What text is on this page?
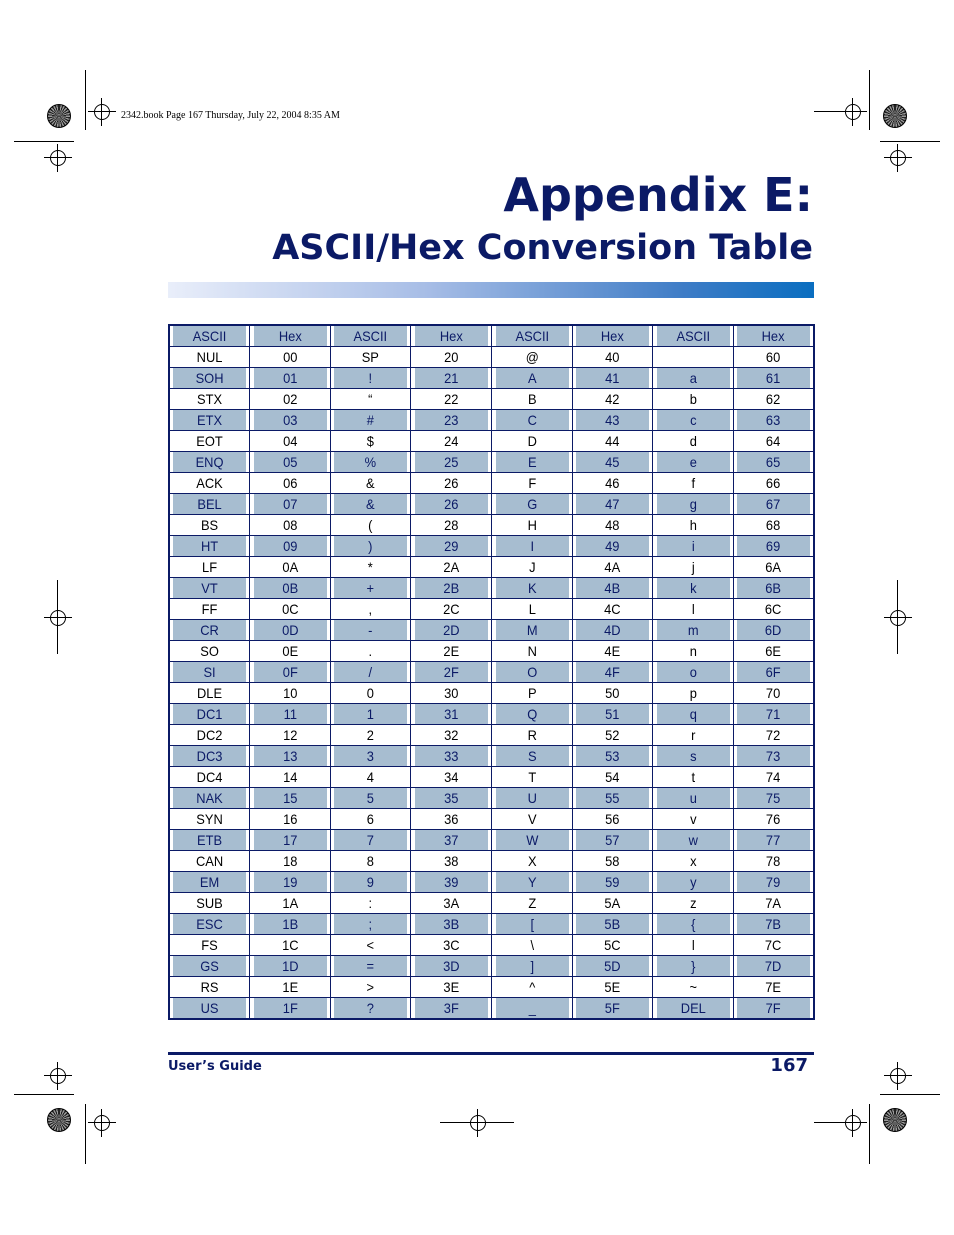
2342.book Page 167 Thursday, July 22, 2004 8:35 AM
Appendix E:
ASCII/Hex Conversion Table
ASCII	Hex	ASCII	Hex	ASCII	Hex	ASCII	Hex
NUL	00	SP	20	@	40		60
SOH	01	!	21	A	41	a	61
STX	02	“	22	B	42	b	62
ETX	03	#	23	C	43	c	63
EOT	04	$	24	D	44	d	64
ENQ	05	%	25	E	45	e	65
ACK	06	&	26	F	46	f	66
BEL	07	&	26	G	47	g	67
BS	08	(	28	H	48	h	68
HT	09	)	29	I	49	i	69
LF	0A	*	2A	J	4A	j	6A
VT	0B	+	2B	K	4B	k	6B
FF	0C	,	2C	L	4C	l	6C
CR	0D	-	2D	M	4D	m	6D
SO	0E	.	2E	N	4E	n	6E
SI	0F	/	2F	O	4F	o	6F
DLE	10	0	30	P	50	p	70
DC1	11	1	31	Q	51	q	71
DC2	12	2	32	R	52	r	72
DC3	13	3	33	S	53	s	73
DC4	14	4	34	T	54	t	74
NAK	15	5	35	U	55	u	75
SYN	16	6	36	V	56	v	76
ETB	17	7	37	W	57	w	77
CAN	18	8	38	X	58	x	78
EM	19	9	39	Y	59	y	79
SUB	1A	:	3A	Z	5A	z	7A
ESC	1B	;	3B	[	5B	{	7B
FS	1C	<	3C	\	5C	l	7C
GS	1D	=	3D	]	5D	}	7D
RS	1E	>	3E	^	5E	~	7E
US	1F	?	3F	_	5F	DEL	7F
User’s Guide	167
